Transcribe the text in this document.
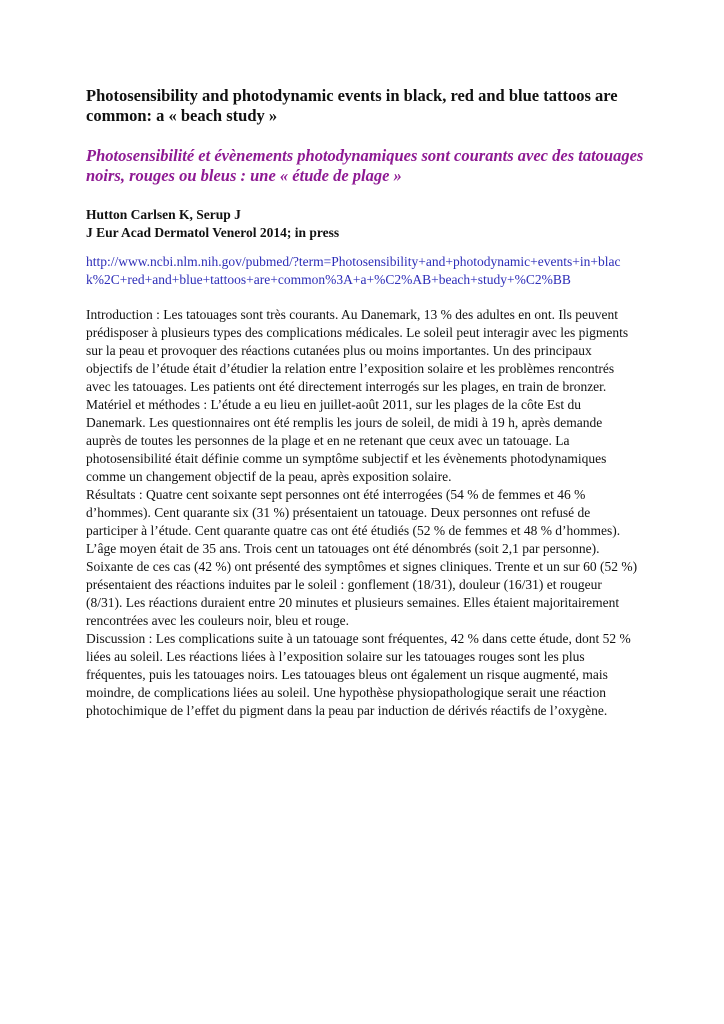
Photosensibility and photodynamic events in black, red and blue tattoos are common: a « beach study »
Photosensibilité et évènements photodynamiques sont courants avec des tatouages noirs, rouges ou bleus : une « étude de plage »
Hutton Carlsen K, Serup J
J Eur Acad Dermatol Venerol 2014; in press
http://www.ncbi.nlm.nih.gov/pubmed/?term=Photosensibility+and+photodynamic+events+in+black%2C+red+and+blue+tattoos+are+common%3A+a+%C2%AB+beach+study+%C2%BB

Introduction : Les tatouages sont très courants. Au Danemark, 13 % des adultes en ont. Ils peuvent prédisposer à plusieurs types des complications médicales. Le soleil peut interagir avec les pigments sur la peau et provoquer des réactions cutanées plus ou moins importantes. Un des principaux objectifs de l’étude était d’étudier la relation entre l’exposition solaire et les problèmes rencontrés avec les tatouages. Les patients ont été directement interrogés sur les plages, en train de bronzer.

Matériel et méthodes : L’étude a eu lieu en juillet-août 2011, sur les plages de la côte Est du Danemark. Les questionnaires ont été remplis les jours de soleil, de midi à 19 h, après demande auprès de toutes les personnes de la plage et en ne retenant que ceux avec un tatouage. La photosensibilité était définie comme un symptôme subjectif et les évènements photodynamiques comme un changement objectif de la peau, après exposition solaire.

Résultats : Quatre cent soixante sept personnes ont été interrogées (54 % de femmes et 46 % d’hommes). Cent quarante six (31 %) présentaient un tatouage. Deux personnes ont refusé de participer à l’étude. Cent quarante quatre cas ont été étudiés (52 % de femmes et 48 % d’hommes). L’âge moyen était de 35 ans. Trois cent un tatouages ont été dénombrés (soit 2,1 par personne).

Soixante de ces cas (42 %) ont présenté des symptômes et signes cliniques. Trente et un sur 60 (52 %) présentaient des réactions induites par le soleil : gonflement (18/31), douleur (16/31) et rougeur (8/31). Les réactions duraient entre 20 minutes et plusieurs semaines. Elles étaient majoritairement rencontrées avec les couleurs noir, bleu et rouge.

Discussion : Les complications suite à un tatouage sont fréquentes, 42 % dans cette étude, dont 52 % liées au soleil. Les réactions liées à l’exposition solaire sur les tatouages rouges sont les plus fréquentes, puis les tatouages noirs. Les tatouages bleus ont également un risque augmenté, mais moindre, de complications liées au soleil. Une hypothèse physiopathologique serait une réaction photochimique de l’effet du pigment dans la peau par induction de dérivés réactifs de l’oxygène.
